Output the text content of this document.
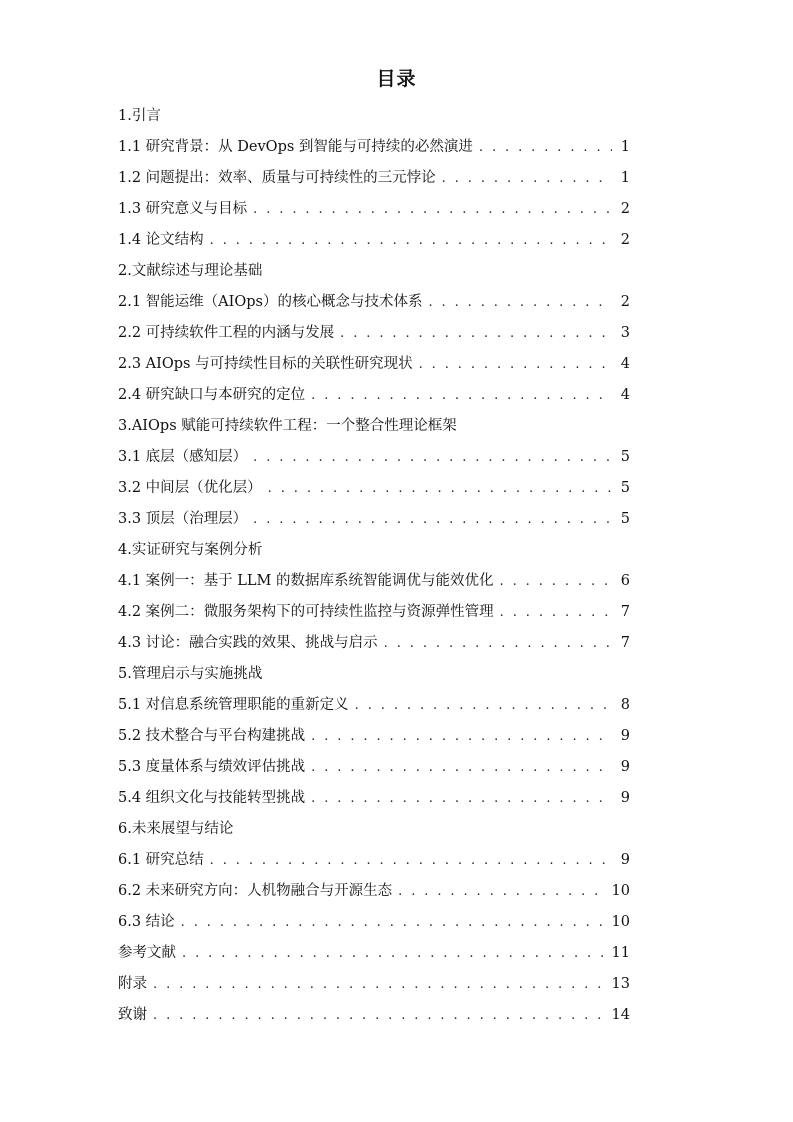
目录
1.引言
1.1 研究背景：从 DevOps 到智能与可持续的必然演进 . . .	1
1.2 问题提出：效率、质量与可持续性的三元悖论 . . .	1
1.3 研究意义与目标 . . .	2
1.4 论文结构 . . .	2
2.文献综述与理论基础
2.1 智能运维（AIOps）的核心概念与技术体系 . . .	2
2.2 可持续软件工程的内涵与发展 . . .	3
2.3 AIOps 与可持续性目标的关联性研究现状 . . .	4
2.4 研究缺口与本研究的定位 . . .	4
3.AIOps 赋能可持续软件工程：一个整合性理论框架
3.1 底层（感知层） . . .	5
3.2 中间层（优化层） . . .	5
3.3 顶层（治理层） . . .	5
4.实证研究与案例分析
4.1 案例一：基于 LLM 的数据库系统智能调优与能效优化 . . .	6
4.2 案例二：微服务架构下的可持续性监控与资源弹性管理 . . .	7
4.3 讨论：融合实践的效果、挑战与启示 . . .	7
5.管理启示与实施挑战
5.1 对信息系统管理职能的重新定义 . . .	8
5.2 技术整合与平台构建挑战 . . .	9
5.3 度量体系与绩效评估挑战 . . .	9
5.4 组织文化与技能转型挑战 . . .	9
6.未来展望与结论
6.1 研究总结 . . .	9
6.2 未来研究方向：人机物融合与开源生态 . . .	10
6.3 结论 . . .	10
参考文献 . . .	11
附录 . . .	13
致谢 . . .	14
